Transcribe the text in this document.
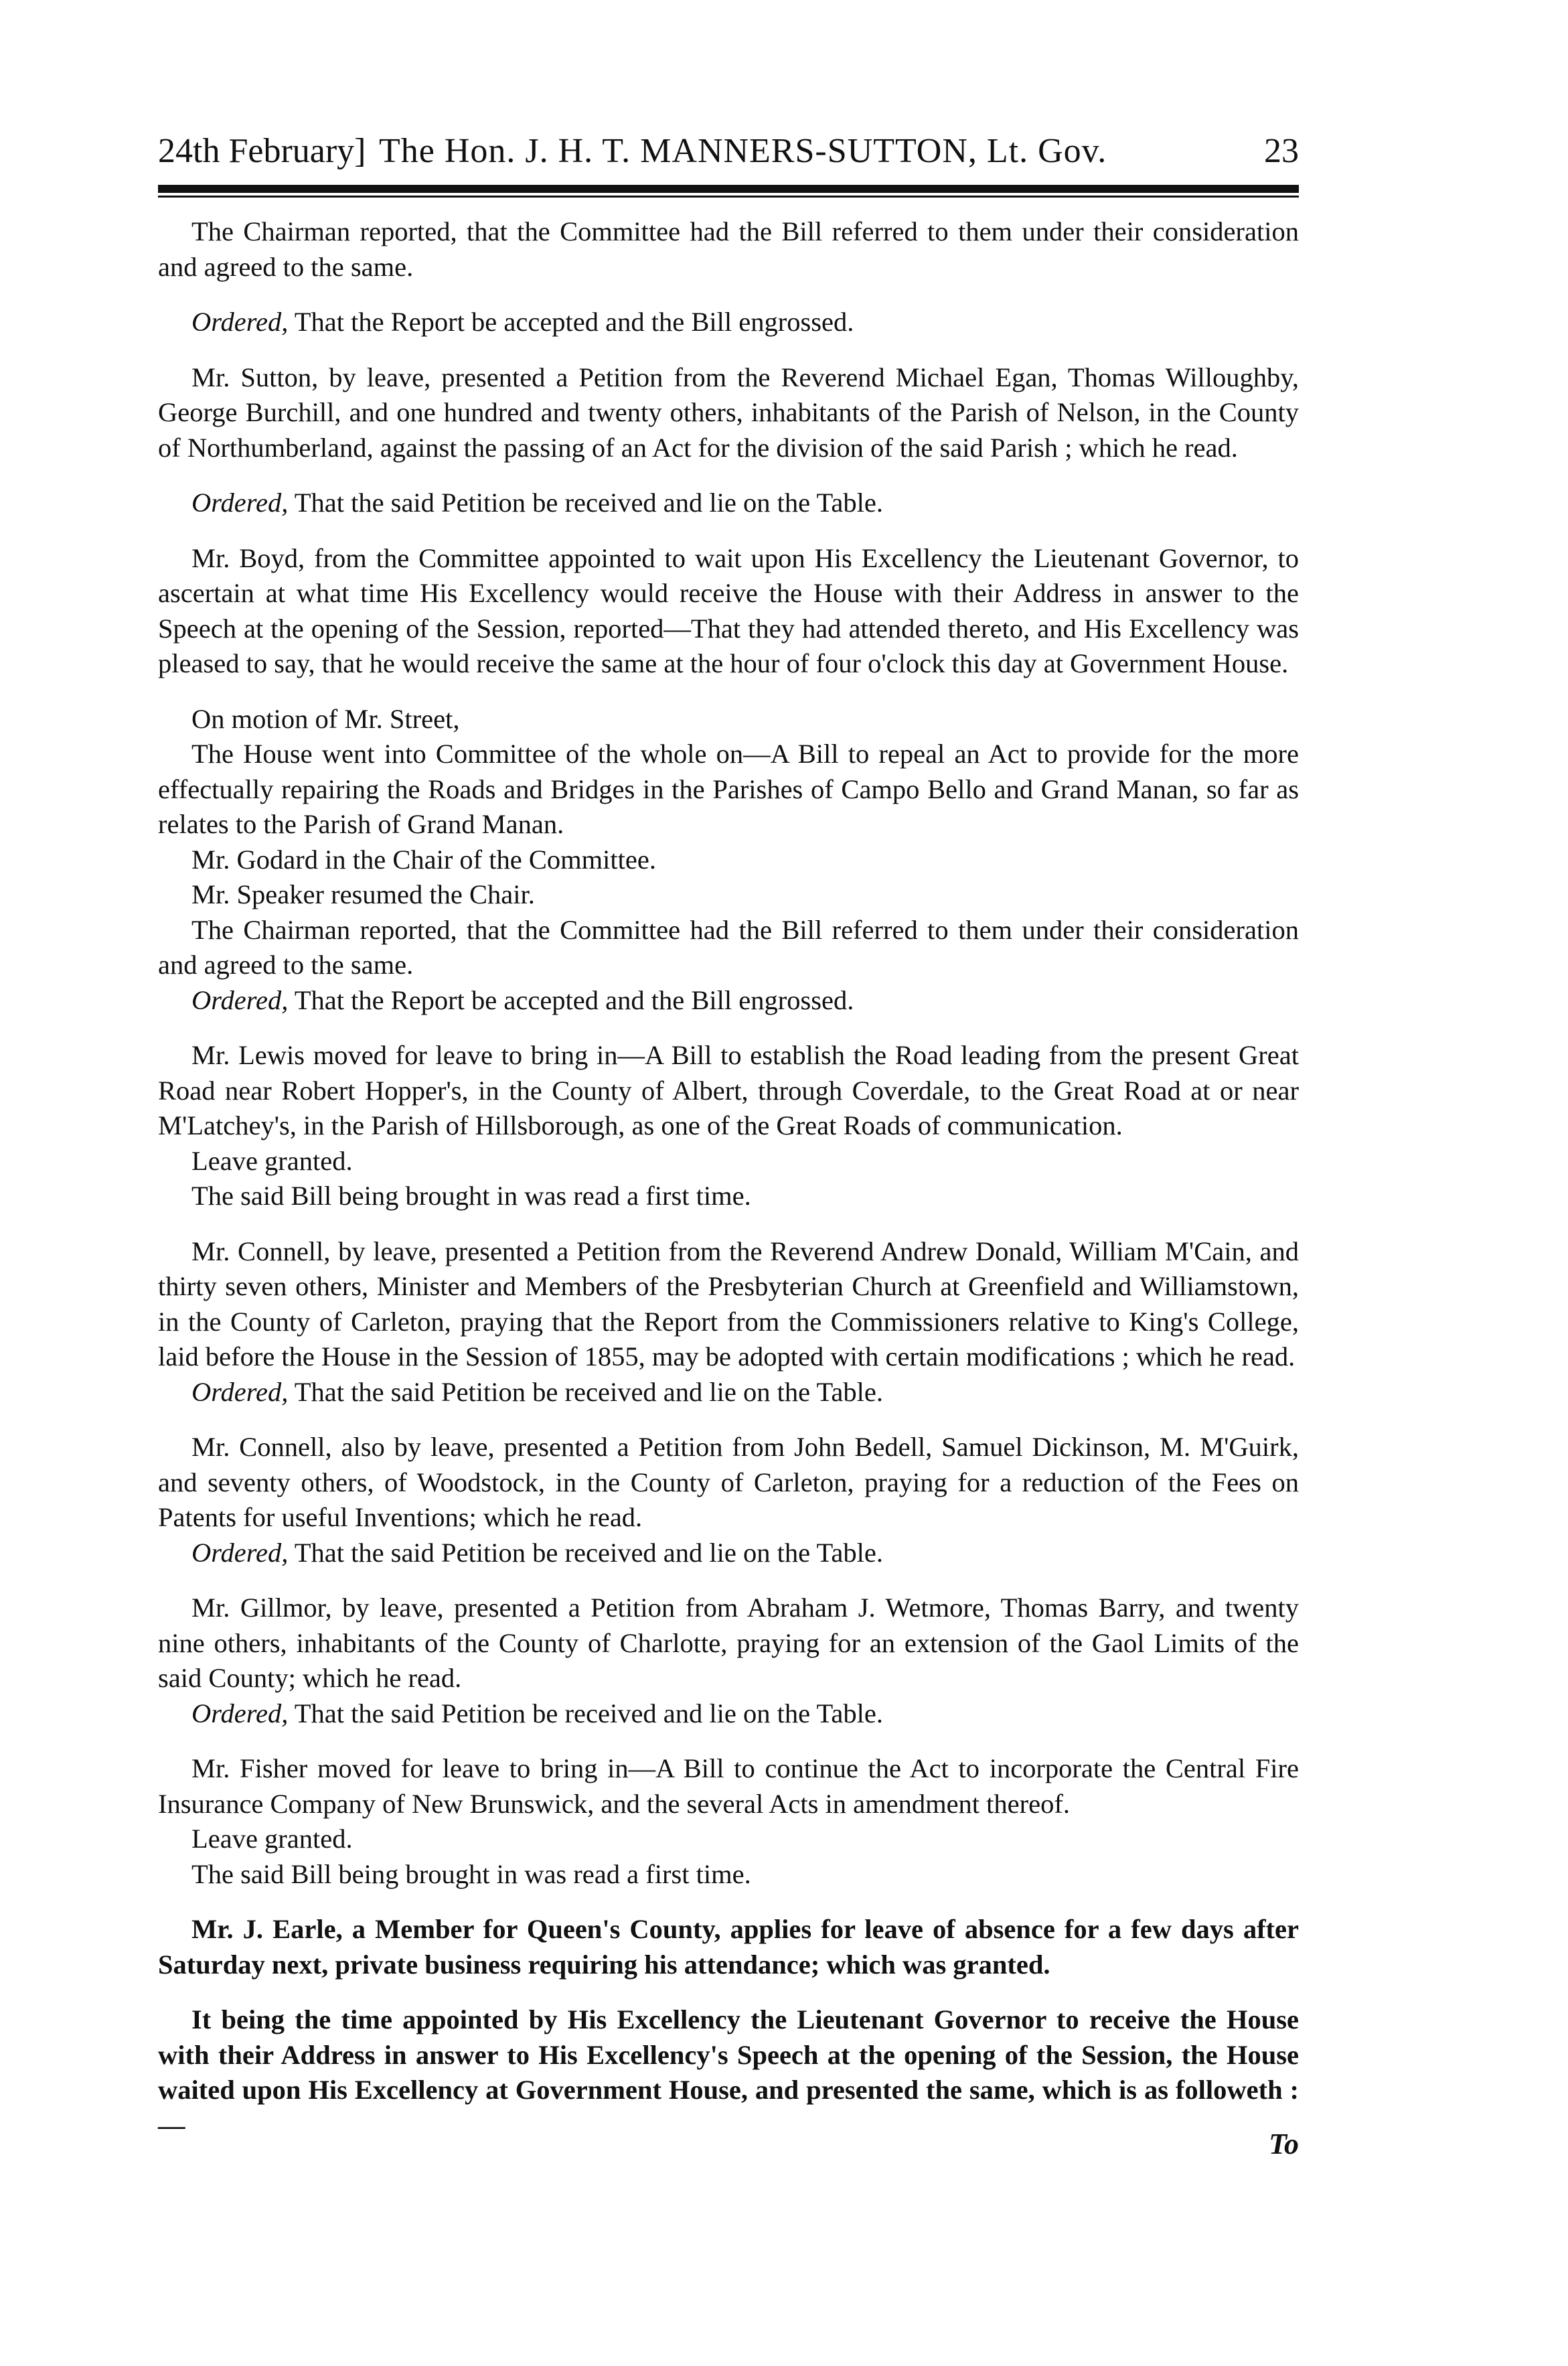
24th February] The Hon. J. H. T. MANNERS-SUTTON, Lt. Gov.	23
The Chairman reported, that the Committee had the Bill referred to them under their consideration and agreed to the same.
Ordered, That the Report be accepted and the Bill engrossed.
Mr. Sutton, by leave, presented a Petition from the Reverend Michael Egan, Thomas Willoughby, George Burchill, and one hundred and twenty others, inhabitants of the Parish of Nelson, in the County of Northumberland, against the passing of an Act for the division of the said Parish ; which he read.
Ordered, That the said Petition be received and lie on the Table.
Mr. Boyd, from the Committee appointed to wait upon His Excellency the Lieutenant Governor, to ascertain at what time His Excellency would receive the House with their Address in answer to the Speech at the opening of the Session, reported—That they had attended thereto, and His Excellency was pleased to say, that he would receive the same at the hour of four o'clock this day at Government House.
On motion of Mr. Street,
The House went into Committee of the whole on—A Bill to repeal an Act to provide for the more effectually repairing the Roads and Bridges in the Parishes of Campo Bello and Grand Manan, so far as relates to the Parish of Grand Manan.
Mr. Godard in the Chair of the Committee.
Mr. Speaker resumed the Chair.
The Chairman reported, that the Committee had the Bill referred to them under their consideration and agreed to the same.
Ordered, That the Report be accepted and the Bill engrossed.
Mr. Lewis moved for leave to bring in—A Bill to establish the Road leading from the present Great Road near Robert Hopper's, in the County of Albert, through Coverdale, to the Great Road at or near M'Latchey's, in the Parish of Hillsborough, as one of the Great Roads of communication.
Leave granted.
The said Bill being brought in was read a first time.
Mr. Connell, by leave, presented a Petition from the Reverend Andrew Donald, William M'Cain, and thirty seven others, Minister and Members of the Presbyterian Church at Greenfield and Williamstown, in the County of Carleton, praying that the Report from the Commissioners relative to King's College, laid before the House in the Session of 1855, may be adopted with certain modifications ; which he read.
Ordered, That the said Petition be received and lie on the Table.
Mr. Connell, also by leave, presented a Petition from John Bedell, Samuel Dickinson, M. M'Guirk, and seventy others, of Woodstock, in the County of Carleton, praying for a reduction of the Fees on Patents for useful Inventions; which he read.
Ordered, That the said Petition be received and lie on the Table.
Mr. Gillmor, by leave, presented a Petition from Abraham J. Wetmore, Thomas Barry, and twenty nine others, inhabitants of the County of Charlotte, praying for an extension of the Gaol Limits of the said County; which he read.
Ordered, That the said Petition be received and lie on the Table.
Mr. Fisher moved for leave to bring in—A Bill to continue the Act to incorporate the Central Fire Insurance Company of New Brunswick, and the several Acts in amendment thereof.
Leave granted.
The said Bill being brought in was read a first time.
Mr. J. Earle, a Member for Queen's County, applies for leave of absence for a few days after Saturday next, private business requiring his attendance; which was granted.
It being the time appointed by His Excellency the Lieutenant Governor to receive the House with their Address in answer to His Excellency's Speech at the opening of the Session, the House waited upon His Excellency at Government House, and presented the same, which is as followeth :—
To
